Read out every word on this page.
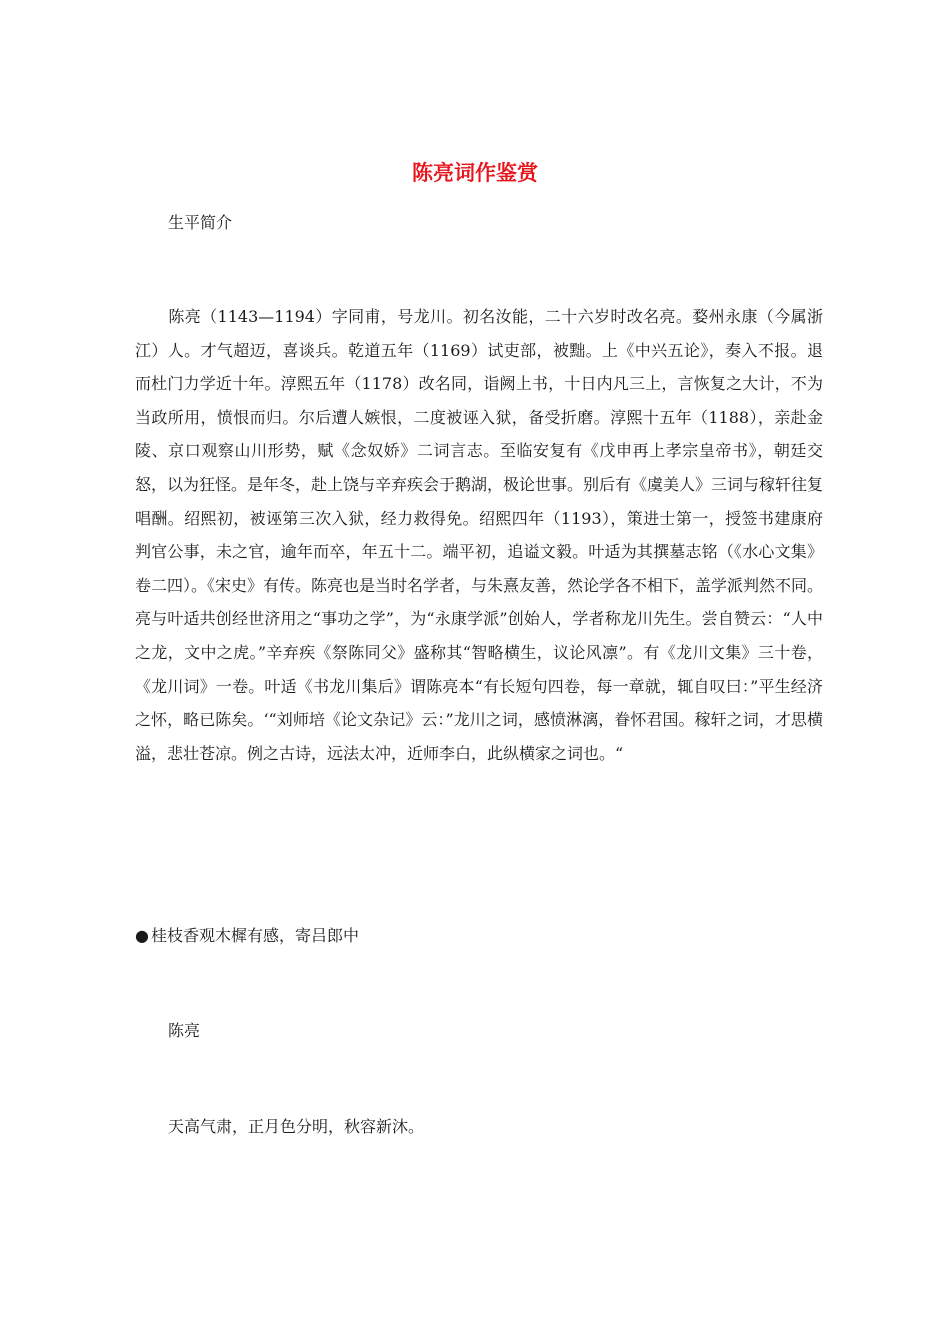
陈亮词作鉴赏

生平简介

陈亮（1143—1194）字同甫，号龙川。初名汝能，二十六岁时改名亮。婺州永康（今属浙江）人。才气超迈，喜谈兵。乾道五年（1169）试吏部，被黜。上《中兴五论》，奏入不报。退而杜门力学近十年。淳熙五年（1178）改名同，诣阙上书，十日内凡三上，言恢复之大计，不为当政所用，愤恨而归。尔后遭人嫉恨，二度被诬入狱，备受折磨。淳熙十五年（1188），亲赴金陵、京口观察山川形势，赋《念奴娇》二词言志。至临安复有《戊申再上孝宗皇帝书》，朝廷交怒，以为狂怪。是年冬，赴上饶与辛弃疾会于鹅湖，极论世事。别后有《虞美人》三词与稼轩往复唱酬。绍熙初，被诬第三次入狱，经力救得免。绍熙四年（1193），策进士第一，授签书建康府判官公事，未之官，逾年而卒，年五十二。端平初，追谥文毅。叶适为其撰墓志铭（《水心文集》卷二四）。《宋史》有传。陈亮也是当时名学者，与朱熹友善，然论学各不相下，盖学派判然不同。亮与叶适共创经世济用之“事功之学”，为“永康学派”创始人，学者称龙川先生。尝自赞云：“人中之龙，文中之虎。”辛弃疾《祭陈同父》盛称其“智略横生，议论风凛”。有《龙川文集》三十卷，《龙川词》一卷。叶适《书龙川集后》谓陈亮本“有长短句四卷，每一章就，辄自叹曰：”平生经济之怀，略已陈矣。‘“刘师培《论文杂记》云：”龙川之词，感愤淋漓，眷怀君国。稼轩之词，才思横溢，悲壮苍凉。例之古诗，远法太冲，近师李白，此纵横家之词也。“

● 桂枝香观木樨有感，寄吕郎中

陈亮

天高气肃，正月色分明，秋容新沐。
